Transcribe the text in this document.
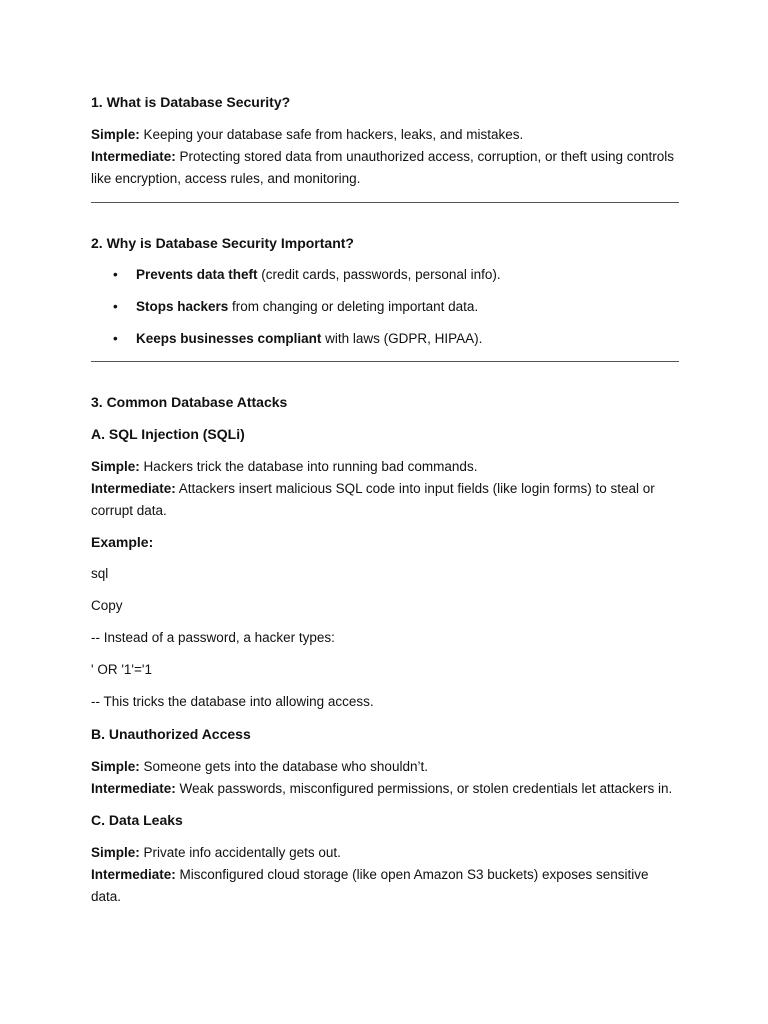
1. What is Database Security?

Simple: Keeping your database safe from hackers, leaks, and mistakes.

Intermediate: Protecting stored data from unauthorized access, corruption, or theft using controls like encryption, access rules, and monitoring.

2. Why is Database Security Important?
• Prevents data theft (credit cards, passwords, personal info).
• Stops hackers from changing or deleting important data.
• Keeps businesses compliant with laws (GDPR, HIPAA).
3. Common Database Attacks
A. SQL Injection (SQLi)

Simple: Hackers trick the database into running bad commands.

Intermediate: Attackers insert malicious SQL code into input fields (like login forms) to steal or corrupt data.

Example:
sql
Copy
-- Instead of a password, a hacker types:
' OR '1'='1
-- This tricks the database into allowing access.
B. Unauthorized Access

Simple: Someone gets into the database who shouldn’t.

Intermediate: Weak passwords, misconfigured permissions, or stolen credentials let attackers in.

C. Data Leaks

Simple: Private info accidentally gets out.

Intermediate: Misconfigured cloud storage (like open Amazon S3 buckets) exposes sensitive data.
